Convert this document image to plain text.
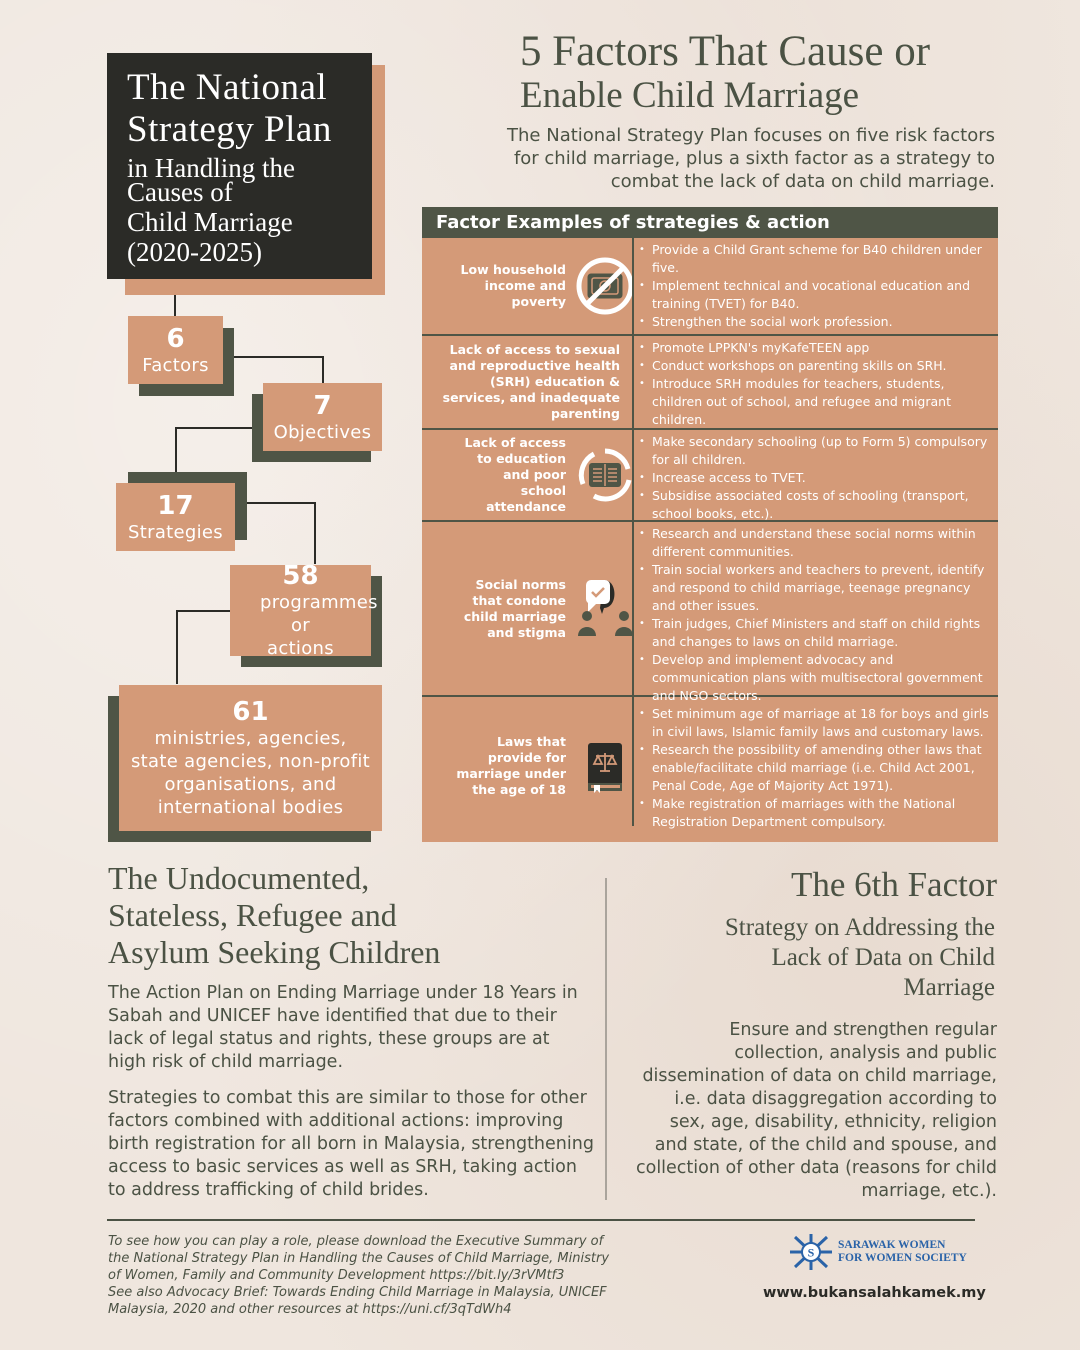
The National
Strategy Plan
in Handling the
Causes of
Child Marriage
(2020-2025)
6
Factors
7
Objectives
17
Strategies
58
programmes or actions
61
ministries, agencies, state agencies, non-profit organisations, and international bodies
5 Factors That Cause or
Enable Child Marriage
The National Strategy Plan focuses on five risk factors for child marriage, plus a sixth factor as a strategy to combat the lack of data on child marriage.
Factor Examples of strategies & action
Low household income and poverty
• Provide a Child Grant scheme for B40 children under five.
• Implement technical and vocational education and training (TVET) for B40.
• Strengthen the social work profession.
Lack of access to sexual and reproductive health (SRH) education & services, and inadequate parenting
• Promote LPPKN's myKafeTEEN app
• Conduct workshops on parenting skills on SRH.
• Introduce SRH modules for teachers, students, children out of school, and refugee and migrant children.
Lack of access to education and poor school attendance
• Make secondary schooling (up to Form 5) compulsory for all children.
• Increase access to TVET.
• Subsidise associated costs of schooling (transport, school books, etc.).
Social norms that condone child marriage and stigma
• Research and understand these social norms within different communities.
• Train social workers and teachers to prevent, identify and respond to child marriage, teenage pregnancy and other issues.
• Train judges, Chief Ministers and staff on child rights and changes to laws on child marriage.
• Develop and implement advocacy and communication plans with multisectoral government and NGO sectors.
Laws that provide for marriage under the age of 18
• Set minimum age of marriage at 18 for boys and girls in civil laws, Islamic family laws and customary laws.
• Research the possibility of amending other laws that enable/facilitate child marriage (i.e. Child Act 2001, Penal Code, Age of Majority Act 1971).
• Make registration of marriages with the National Registration Department compulsory.
The Undocumented,
Stateless, Refugee and
Asylum Seeking Children
The Action Plan on Ending Marriage under 18 Years in Sabah and UNICEF have identified that due to their lack of legal status and rights, these groups are at high risk of child marriage.
Strategies to combat this are similar to those for other factors combined with additional actions: improving birth registration for all born in Malaysia, strengthening access to basic services as well as SRH, taking action to address trafficking of child brides.
The 6th Factor
Strategy on Addressing the
Lack of Data on Child
Marriage
Ensure and strengthen regular collection, analysis and public dissemination of data on child marriage, i.e. data disaggregation according to sex, age, disability, ethnicity, religion and state, of the child and spouse, and collection of other data (reasons for child marriage, etc.).
To see how you can play a role, please download the Executive Summary of
the National Strategy Plan in Handling the Causes of Child Marriage, Ministry
of Women, Family and Community Development https://bit.ly/3rVMtf3
See also Advocacy Brief: Towards Ending Child Marriage in Malaysia, UNICEF
Malaysia, 2020 and other resources at https://uni.cf/3qTdWh4
S
SARAWAK WOMEN
FOR WOMEN SOCIETY
www.bukansalahkamek.my
